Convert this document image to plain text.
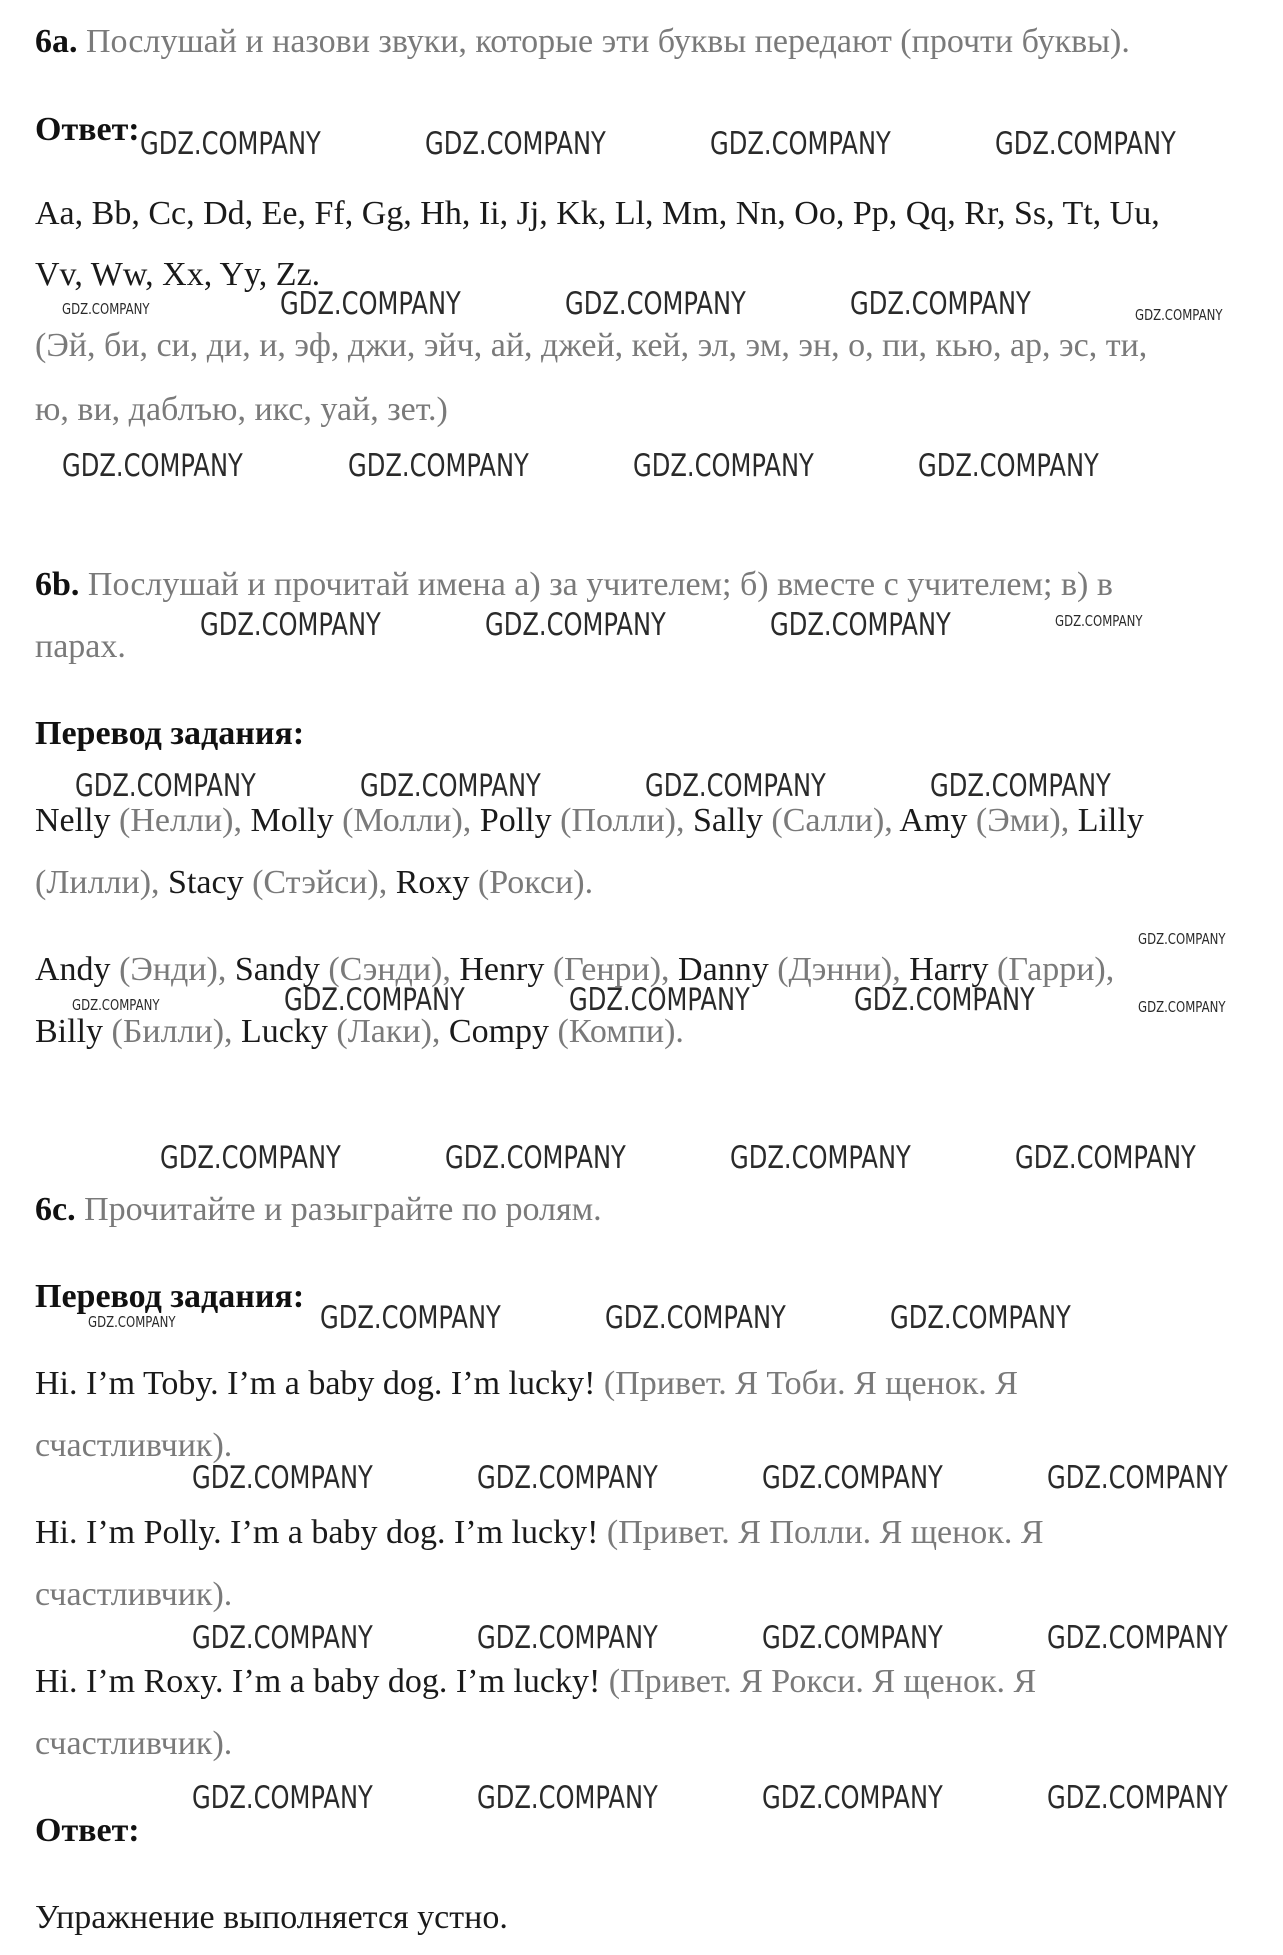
6a. Послушай и назови звуки, которые эти буквы передают (прочти буквы).
Ответ:
Aa, Bb, Cc, Dd, Ee, Ff, Gg, Hh, Ii, Jj, Kk, Ll, Mm, Nn, Oo, Pp, Qq, Rr, Ss, Tt, Uu,
Vv, Ww, Xx, Yy, Zz.
(Эй, би, си, ди, и, эф, джи, эйч, ай, джей, кей, эл, эм, эн, о, пи, кью, ар, эс, ти,
ю, ви, даблъю, икс, уай, зет.)
6b. Послушай и прочитай имена а) за учителем; б) вместе с учителем; в) в
парах.
Перевод задания:
Nelly (Нелли), Molly (Молли), Polly (Полли), Sally (Салли), Amy (Эми), Lilly
(Лилли), Stacy (Стэйси), Roxy (Рокси).
Andy (Энди), Sandy (Сэнди), Henry (Генри), Danny (Дэнни), Harry (Гарри),
Billy (Билли), Lucky (Лаки), Compy (Компи).
6c. Прочитайте и разыграйте по ролям.
Перевод задания:
Hi. I’m Toby. I’m a baby dog. I’m lucky! (Привет. Я Тоби. Я щенок. Я
счастливчик).
Hi. I’m Polly. I’m a baby dog. I’m lucky! (Привет. Я Полли. Я щенок. Я
счастливчик).
Hi. I’m Roxy. I’m a baby dog. I’m lucky! (Привет. Я Рокси. Я щенок. Я
счастливчик).
Ответ:
Упражнение выполняется устно.
GDZ.COMPANY	GDZ.COMPANY	GDZ.COMPANY	GDZ.COMPANY
GDZ.COMPANY	GDZ.COMPANY	GDZ.COMPANY	GDZ.COMPANY	GDZ.COMPANY
GDZ.COMPANY	GDZ.COMPANY	GDZ.COMPANY	GDZ.COMPANY
GDZ.COMPANY	GDZ.COMPANY	GDZ.COMPANY	GDZ.COMPANY
GDZ.COMPANY	GDZ.COMPANY	GDZ.COMPANY	GDZ.COMPANY
GDZ.COMPANY
GDZ.COMPANY	GDZ.COMPANY	GDZ.COMPANY	GDZ.COMPANY	GDZ.COMPANY
GDZ.COMPANY	GDZ.COMPANY	GDZ.COMPANY	GDZ.COMPANY
GDZ.COMPANY	GDZ.COMPANY	GDZ.COMPANY	GDZ.COMPANY
GDZ.COMPANY	GDZ.COMPANY	GDZ.COMPANY	GDZ.COMPANY
GDZ.COMPANY	GDZ.COMPANY	GDZ.COMPANY	GDZ.COMPANY
GDZ.COMPANY	GDZ.COMPANY	GDZ.COMPANY	GDZ.COMPANY
